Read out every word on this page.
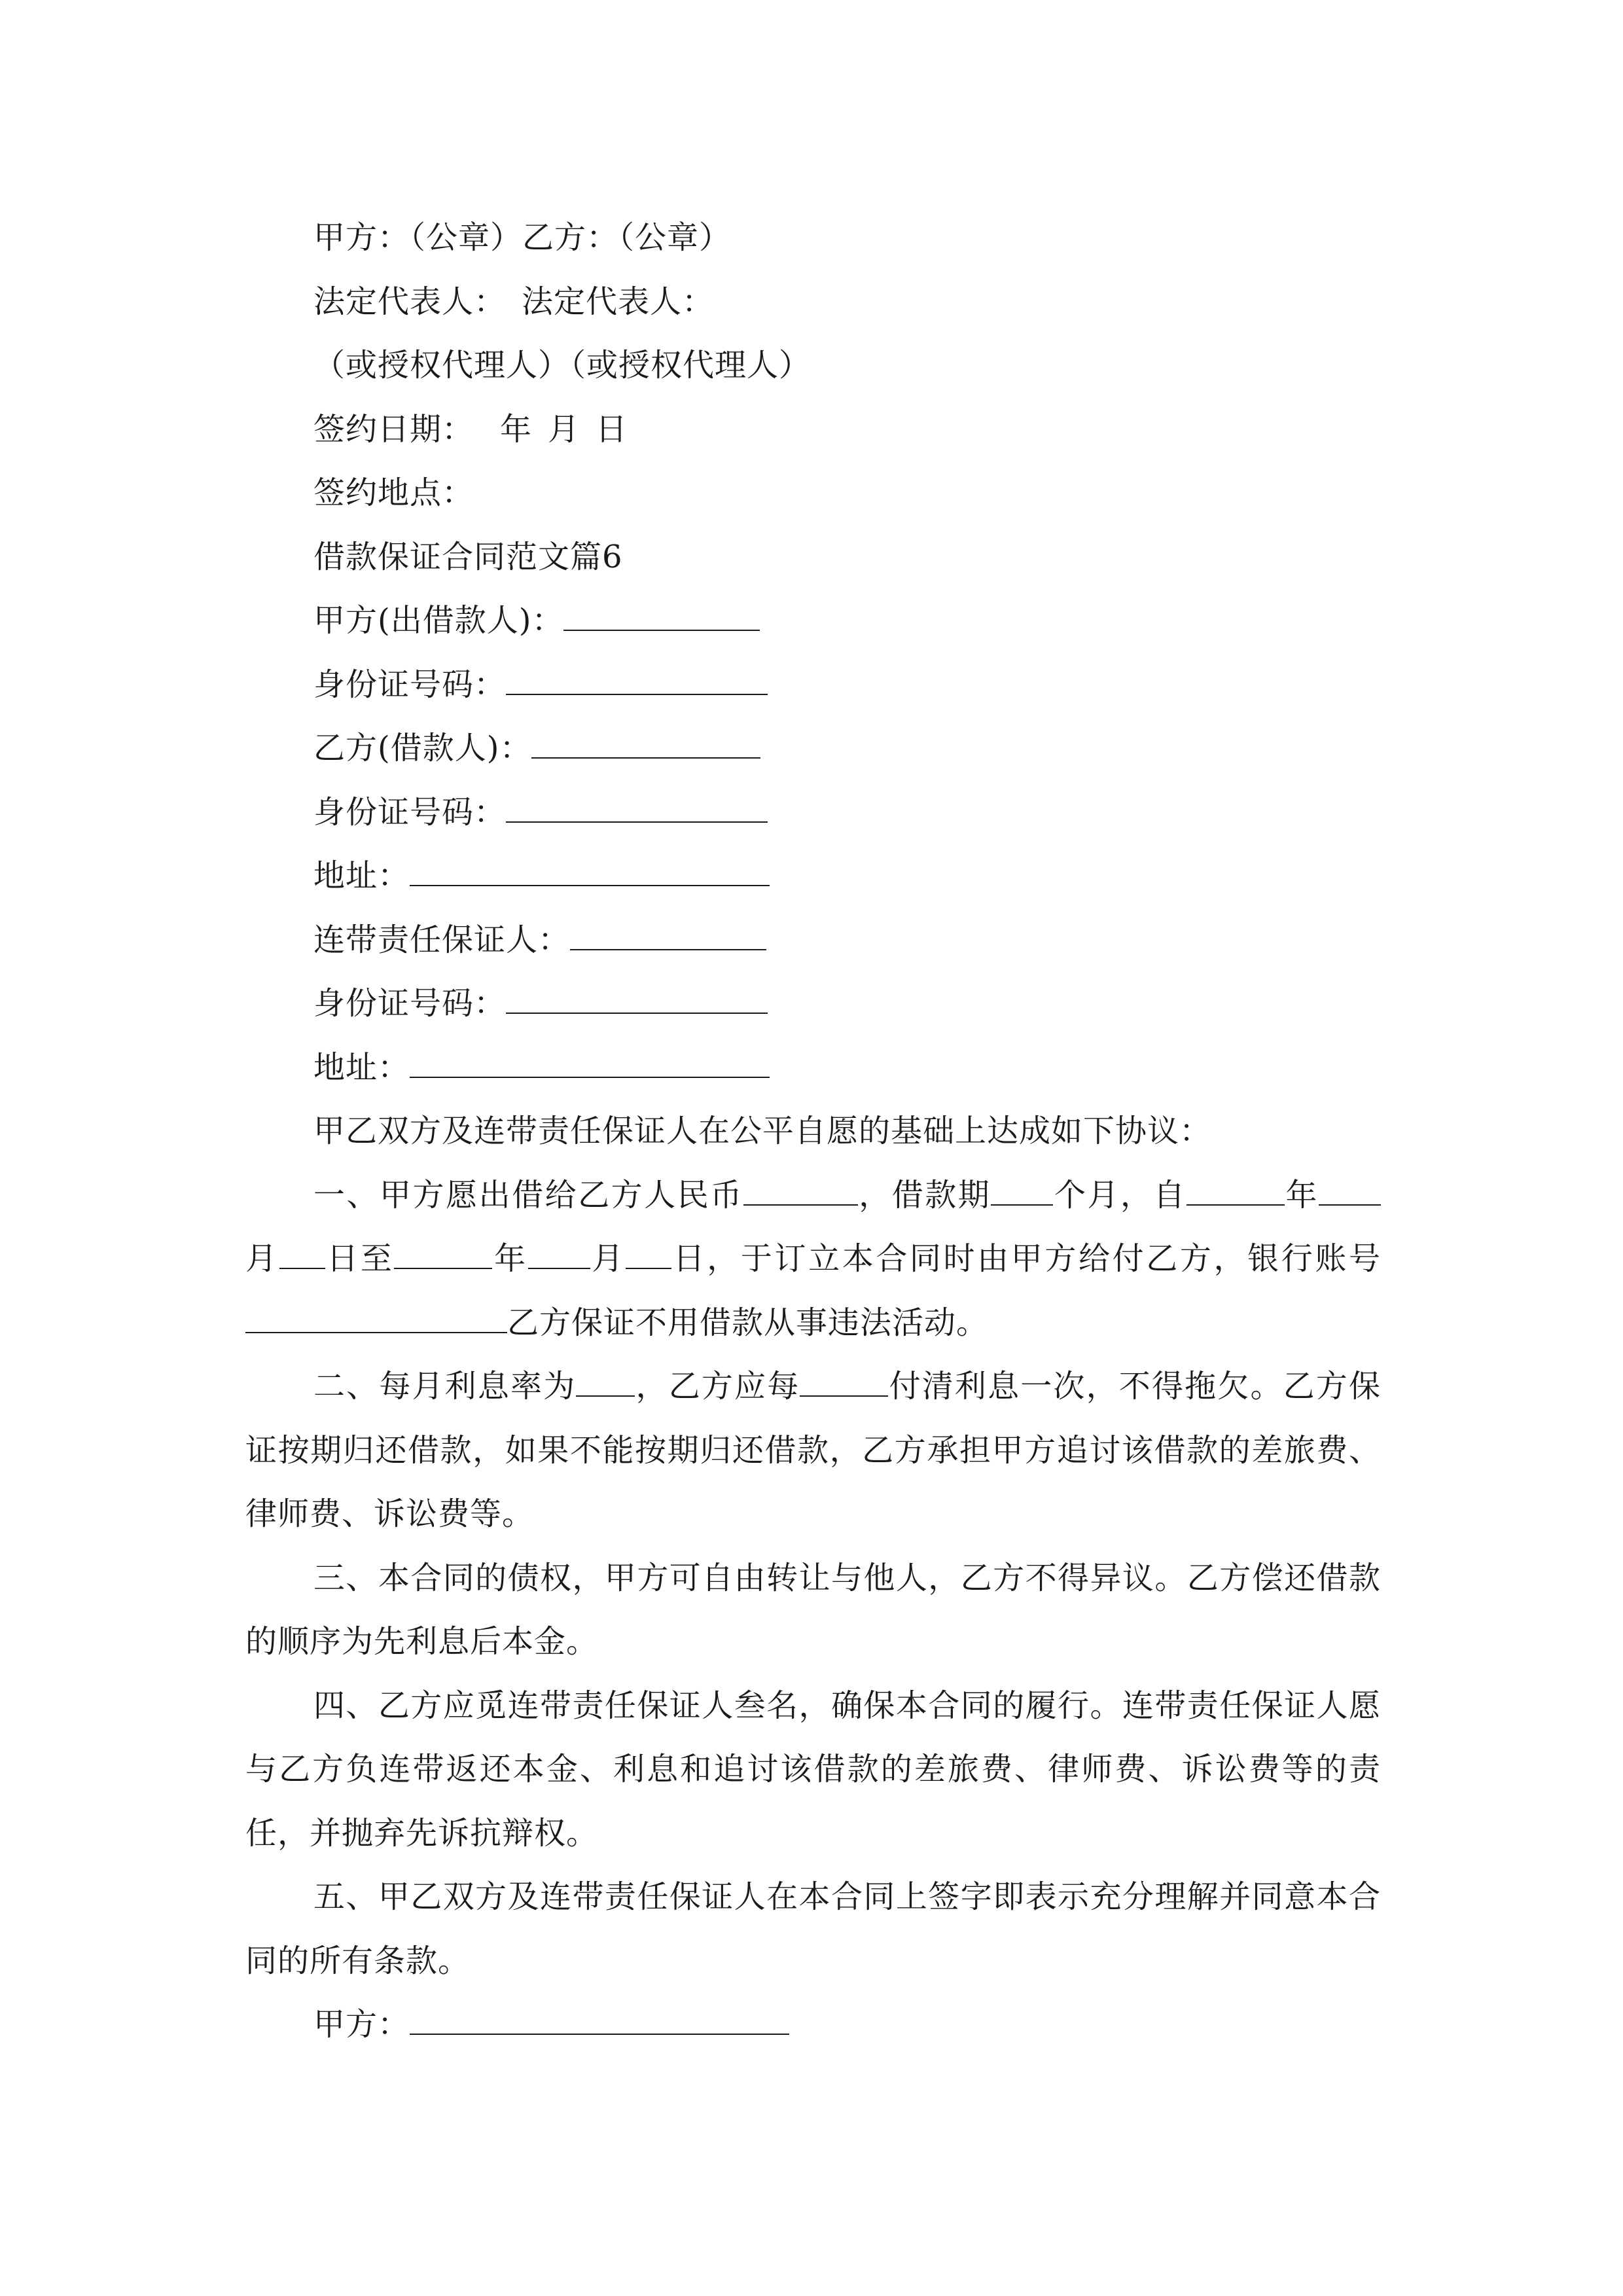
甲方：（公章）乙方：（公章）
法定代表人： 法定代表人：
（或授权代理人）（或授权代理人）
签约日期： 年 月 日
签约地点：
借款保证合同范文篇6
甲方(出借款人)：
身份证号码：
乙方(借款人)：
身份证号码：
地址：
连带责任保证人：
身份证号码：
地址：
甲乙双方及连带责任保证人在公平自愿的基础上达成如下协议：

一、甲方愿出借给乙方人民币	，借款期 个月，自	年月 日至	年 月 日，于订立本合同时由甲方给付乙方，银行账号乙方保证不用借款从事违法活动。

二、每月利息率为 ，乙方应每	付清利息一次，不得拖欠。乙方保证按期归还借款，如果不能按期归还借款，乙方承担甲方追讨该借款的差旅费、律师费、诉讼费等。

三、本合同的债权，甲方可自由转让与他人，乙方不得异议。乙方偿还借款的顺序为先利息后本金。

四、乙方应觅连带责任保证人叁名，确保本合同的履行。连带责任保证人愿与乙方负连带返还本金、利息和追讨该借款的差旅费、律师费、诉讼费等的责任，并抛弃先诉抗辩权。

五、甲乙双方及连带责任保证人在本合同上签字即表示充分理解并同意本合同的所有条款。

甲方：
